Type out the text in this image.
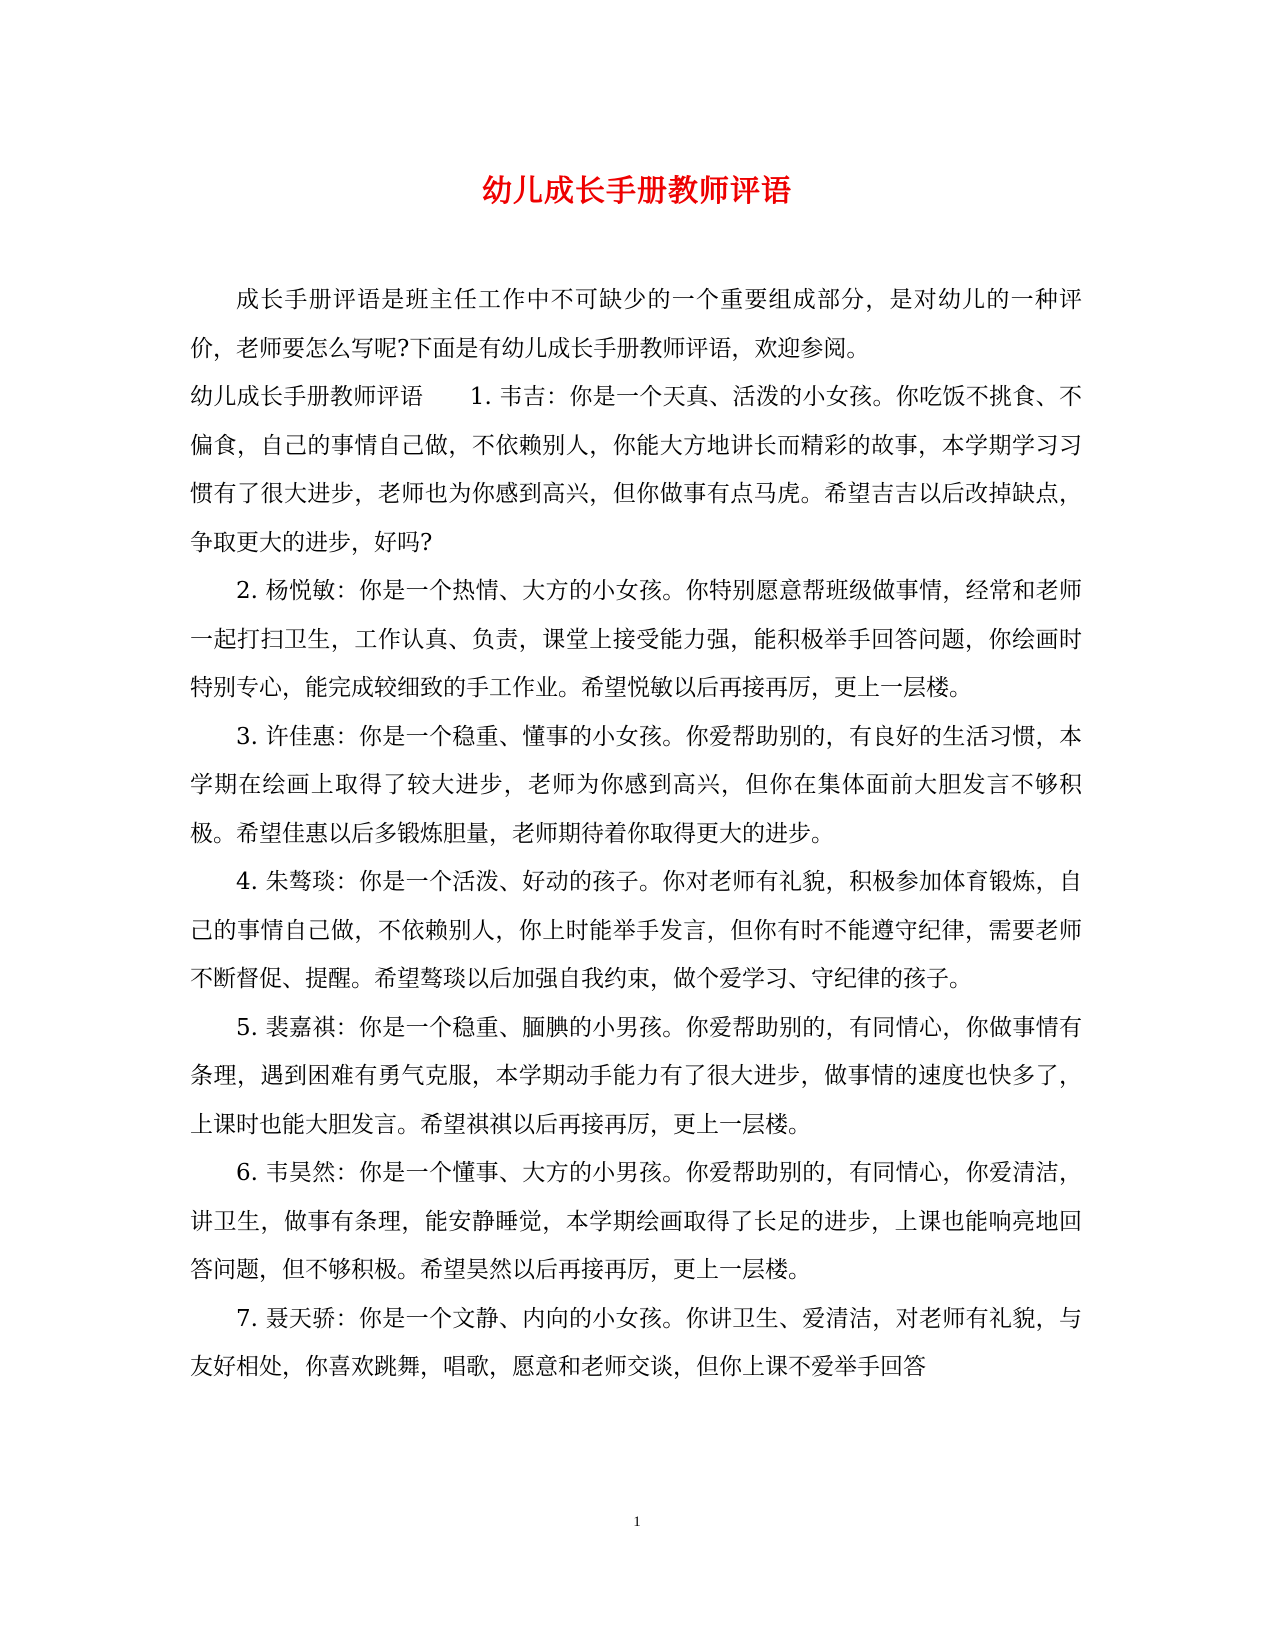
幼儿成长手册教师评语

成长手册评语是班主任工作中不可缺少的一个重要组成部分，是对幼儿的一种评价，老师要怎么写呢?下面是有幼儿成长手册教师评语，欢迎参阅。

幼儿成长手册教师评语　　1. 韦吉：你是一个天真、活泼的小女孩。你吃饭不挑食、不偏食，自己的事情自己做，不依赖别人，你能大方地讲长而精彩的故事，本学期学习习惯有了很大进步，老师也为你感到高兴，但你做事有点马虎。希望吉吉以后改掉缺点，争取更大的进步，好吗?

2. 杨悦敏：你是一个热情、大方的小女孩。你特别愿意帮班级做事情，经常和老师一起打扫卫生，工作认真、负责，课堂上接受能力强，能积极举手回答问题，你绘画时特别专心，能完成较细致的手工作业。希望悦敏以后再接再厉，更上一层楼。

3. 许佳惠：你是一个稳重、懂事的小女孩。你爱帮助别的，有良好的生活习惯，本学期在绘画上取得了较大进步，老师为你感到高兴，但你在集体面前大胆发言不够积极。希望佳惠以后多锻炼胆量，老师期待着你取得更大的进步。

4. 朱骜琰：你是一个活泼、好动的孩子。你对老师有礼貌，积极参加体育锻炼，自己的事情自己做，不依赖别人，你上时能举手发言，但你有时不能遵守纪律，需要老师不断督促、提醒。希望骜琰以后加强自我约束，做个爱学习、守纪律的孩子。

5. 裴嘉祺：你是一个稳重、腼腆的小男孩。你爱帮助别的，有同情心，你做事情有条理，遇到困难有勇气克服，本学期动手能力有了很大进步，做事情的速度也快多了，上课时也能大胆发言。希望祺祺以后再接再厉，更上一层楼。

6. 韦昊然：你是一个懂事、大方的小男孩。你爱帮助别的，有同情心，你爱清洁，讲卫生，做事有条理，能安静睡觉，本学期绘画取得了长足的进步，上课也能响亮地回答问题，但不够积极。希望昊然以后再接再厉，更上一层楼。

7. 聂天骄：你是一个文静、内向的小女孩。你讲卫生、爱清洁，对老师有礼貌，与友好相处，你喜欢跳舞，唱歌，愿意和老师交谈，但你上课不爱举手回答

1
